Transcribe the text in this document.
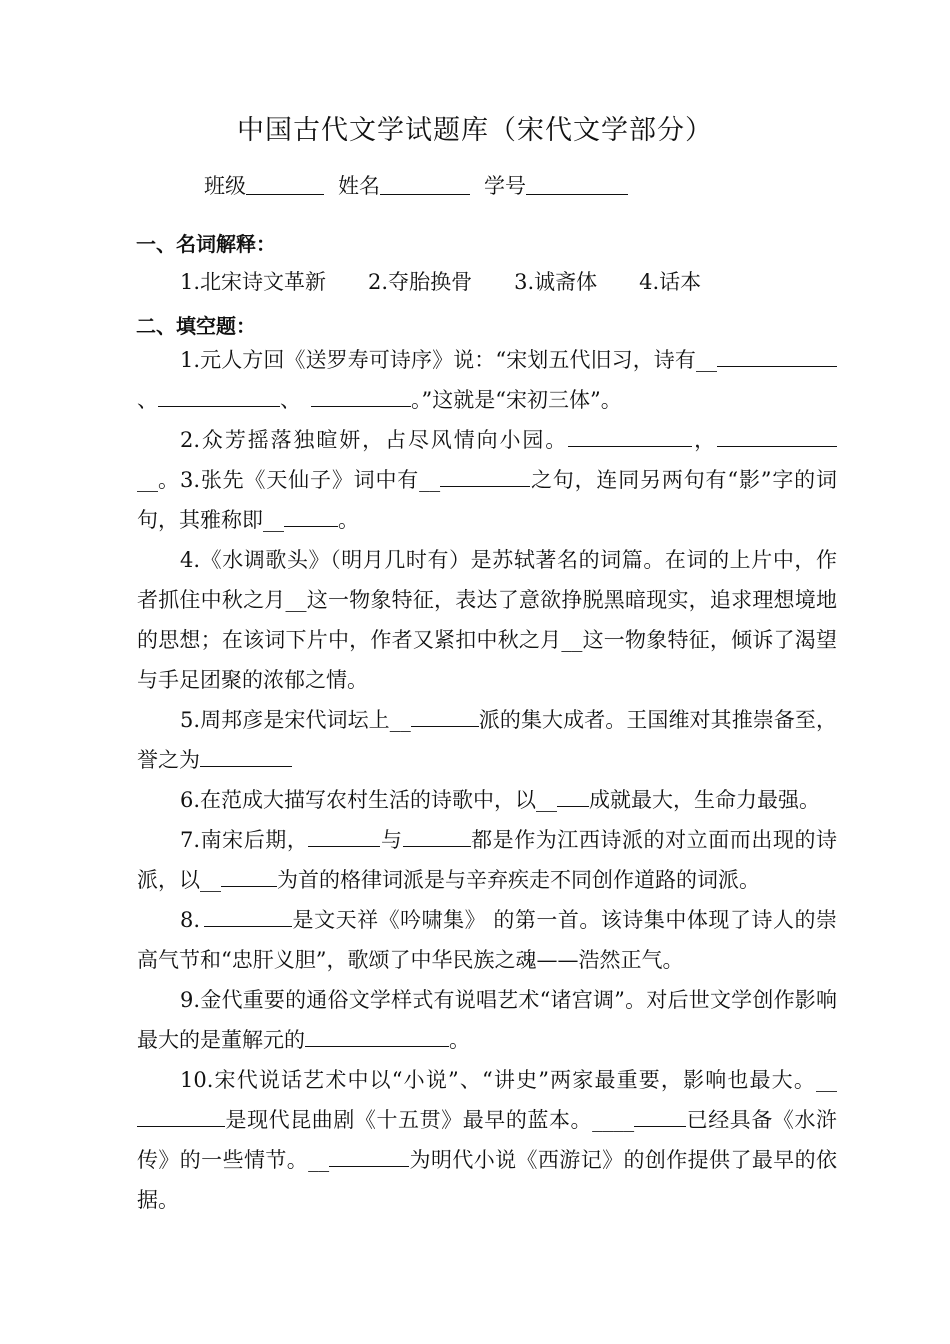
中国古代文学试题库（宋代文学部分）
班级	姓名	学号
一、名词解释：
1.北宋诗文革新 2.夺胎换骨 3.诚斋体 4.话本
二、填空题：
1.元人方回《送罗寿可诗序》说：“宋划五代旧习，诗有__、	、	。”这就是“宋初三体”。
2.众芳摇落独暄妍，占尽风情向小园。	，__。 3.张先《天仙子》词中有__	之句，连同另两句有“影”字的词句，其雅称即__	。
4.《水调歌头》（明月几时有）是苏轼著名的词篇。在词的上片中，作者抓住中秋之月__这一物象特征，表达了意欲挣脱黑暗现实，追求理想境地的思想；在该词下片中，作者又紧扣中秋之月__这一物象特征，倾诉了渴望与手足团聚的浓郁之情。
5.周邦彦是宋代词坛上__	派的集大成者。王国维对其推崇备至，誉之为
6.在范成大描写农村生活的诗歌中，以__ 成就最大，生命力最强。
7.南宋后期，	与	都是作为江西诗派的对立面而出现的诗派，以__	为首的格律词派是与辛弃疾走不同创作道路的词派。
8.	是文天祥《吟啸集》 的第一首。该诗集中体现了诗人的崇高气节和“忠肝义胆”，歌颂了中华民族之魂——浩然正气。
9.金代重要的通俗文学样式有说唱艺术“诸宫调”。对后世文学创作影响最大的是董解元的	。
10.宋代说话艺术中以“小说”、“讲史”两家最重要，影响也最大。__是现代昆曲剧《十五贯》最早的蓝本。____ 已经具备《水浒传》的一些情节。__	为明代小说《西游记》的创作提供了最早的依据。
